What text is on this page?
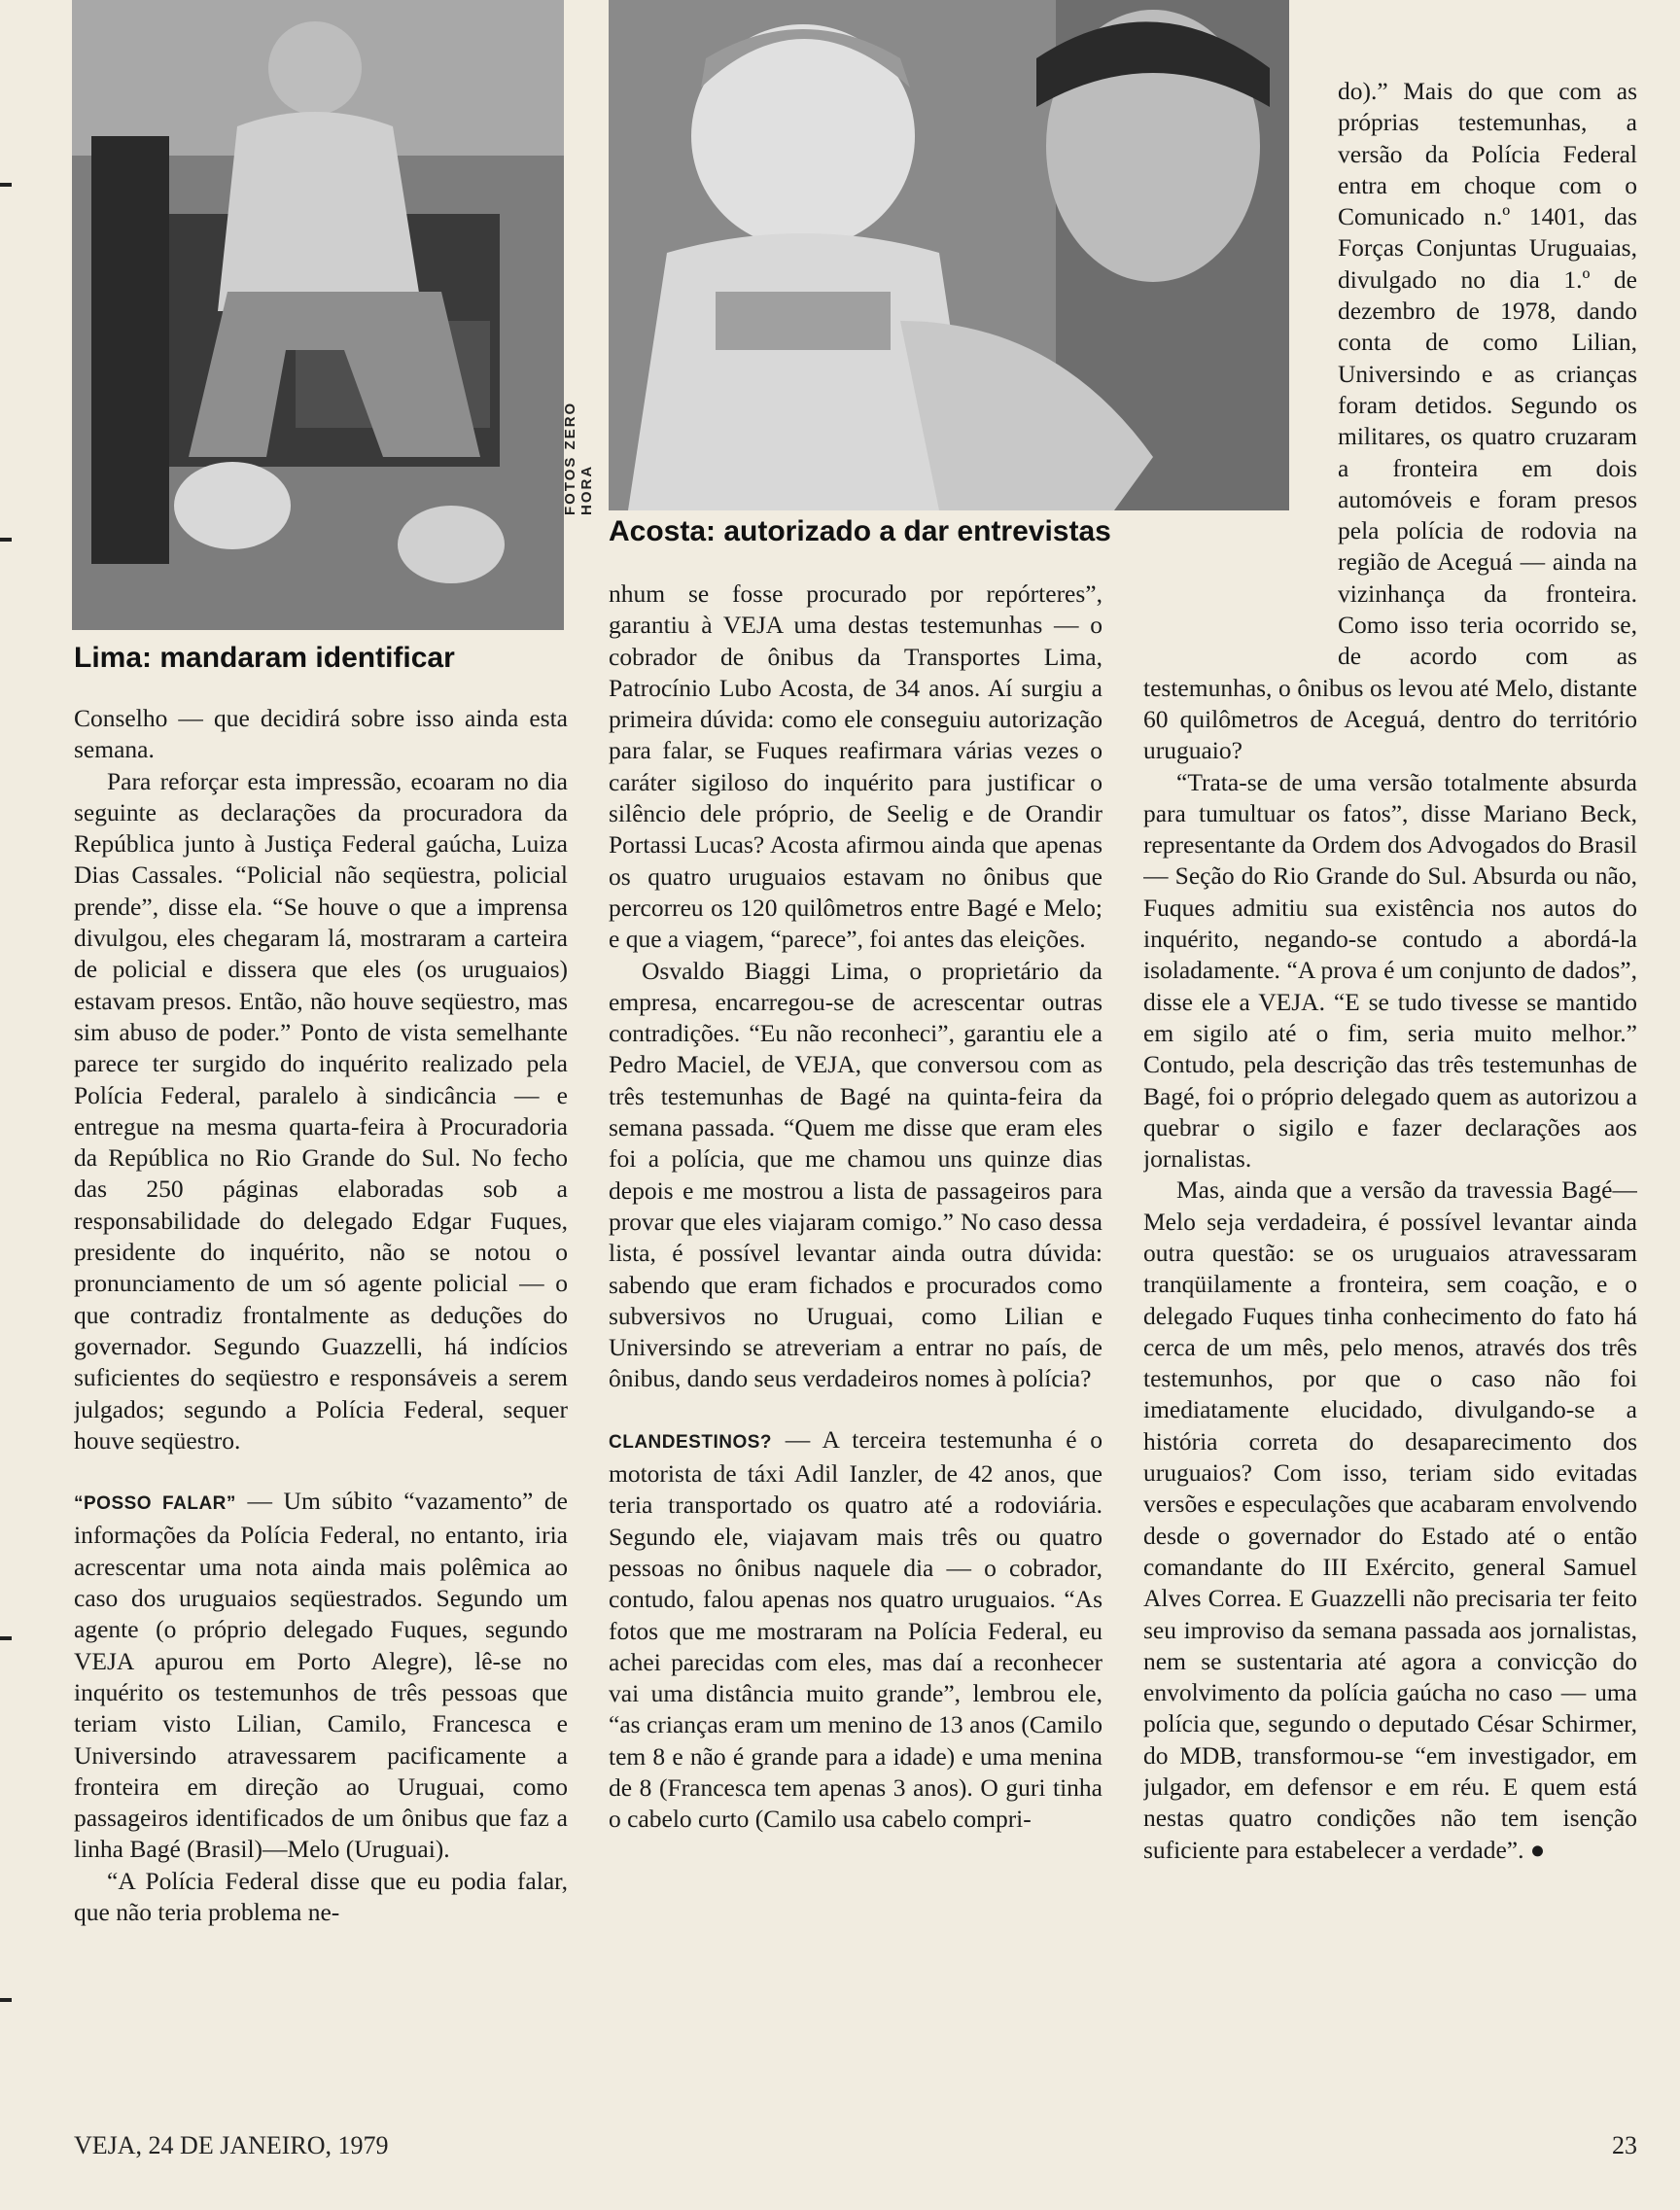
Lima: mandaram identificar

FOTOS ZERO HORA

Acosta: autorizado a dar entrevistas

Conselho — que decidirá sobre isso ainda esta semana.

Para reforçar esta impressão, ecoaram no dia seguinte as declarações da procuradora da República junto à Justiça Federal gaúcha, Luiza Dias Cassales. “Policial não seqüestra, policial prende”, disse ela. “Se houve o que a imprensa divulgou, eles chegaram lá, mostraram a carteira de policial e dissera que eles (os uruguaios) estavam presos. Então, não houve seqüestro, mas sim abuso de poder.” Ponto de vista semelhante parece ter surgido do inquérito realizado pela Polícia Federal, paralelo à sindicância — e entregue na mesma quarta-feira à Procuradoria da República no Rio Grande do Sul. No fecho das 250 páginas elaboradas sob a responsabilidade do delegado Edgar Fuques, presidente do inquérito, não se notou o pronunciamento de um só agente policial — o que contradiz frontalmente as deduções do governador. Segundo Guazzelli, há indícios suficientes do seqüestro e responsáveis a serem julgados; segundo a Polícia Federal, sequer houve seqüestro.

“POSSO FALAR” — Um súbito “vazamento” de informações da Polícia Federal, no entanto, iria acrescentar uma nota ainda mais polêmica ao caso dos uruguaios seqüestrados. Segundo um agente (o próprio delegado Fuques, segundo VEJA apurou em Porto Alegre), lê-se no inquérito os testemunhos de três pessoas que teriam visto Lilian, Camilo, Francesca e Universindo atravessarem pacificamente a fronteira em direção ao Uruguai, como passageiros identificados de um ônibus que faz a linha Bagé (Brasil)—Melo (Uruguai).

“A Polícia Federal disse que eu podia falar, que não teria problema ne-

nhum se fosse procurado por repórteres”, garantiu à VEJA uma destas testemunhas — o cobrador de ônibus da Transportes Lima, Patrocínio Lubo Acosta, de 34 anos. Aí surgiu a primeira dúvida: como ele conseguiu autorização para falar, se Fuques reafirmara várias vezes o caráter sigiloso do inquérito para justificar o silêncio dele próprio, de Seelig e de Orandir Portassi Lucas? Acosta afirmou ainda que apenas os quatro uruguaios estavam no ônibus que percorreu os 120 quilômetros entre Bagé e Melo; e que a viagem, “parece”, foi antes das eleições.

Osvaldo Biaggi Lima, o proprietário da empresa, encarregou-se de acrescentar outras contradições. “Eu não reconheci”, garantiu ele a Pedro Maciel, de VEJA, que conversou com as três testemunhas de Bagé na quinta-feira da semana passada. “Quem me disse que eram eles foi a polícia, que me chamou uns quinze dias depois e me mostrou a lista de passageiros para provar que eles viajaram comigo.” No caso dessa lista, é possível levantar ainda outra dúvida: sabendo que eram fichados e procurados como subversivos no Uruguai, como Lilian e Universindo se atreveriam a entrar no país, de ônibus, dando seus verdadeiros nomes à polícia?

CLANDESTINOS? — A terceira testemunha é o motorista de táxi Adil Ianzler, de 42 anos, que teria transportado os quatro até a rodoviária. Segundo ele, viajavam mais três ou quatro pessoas no ônibus naquele dia — o cobrador, contudo, falou apenas nos quatro uruguaios. “As fotos que me mostraram na Polícia Federal, eu achei parecidas com eles, mas daí a reconhecer vai uma distância muito grande”, lembrou ele, “as crianças eram um menino de 13 anos (Camilo tem 8 e não é grande para a idade) e uma menina de 8 (Francesca tem apenas 3 anos). O guri tinha o cabelo curto (Camilo usa cabelo compri-

do).” Mais do que com as próprias testemunhas, a versão da Polícia Federal entra em choque com o Comunicado n.º 1401, das Forças Conjuntas Uruguaias, divulgado no dia 1.º de dezembro de 1978, dando conta de como Lilian, Universindo e as crianças foram detidos. Segundo os militares, os quatro cruzaram a fronteira em dois automóveis e foram presos pela polícia de rodovia na região de Aceguá — ainda na vizinhança da fronteira. Como isso teria ocorrido se, de acordo com as testemunhas, o ônibus os levou até Melo, distante 60 quilômetros de Aceguá, dentro do território uruguaio?

“Trata-se de uma versão totalmente absurda para tumultuar os fatos”, disse Mariano Beck, representante da Ordem dos Advogados do Brasil — Seção do Rio Grande do Sul. Absurda ou não, Fuques admitiu sua existência nos autos do inquérito, negando-se contudo a abordá-la isoladamente. “A prova é um conjunto de dados”, disse ele a VEJA. “E se tudo tivesse se mantido em sigilo até o fim, seria muito melhor.” Contudo, pela descrição das três testemunhas de Bagé, foi o próprio delegado quem as autorizou a quebrar o sigilo e fazer declarações aos jornalistas.

Mas, ainda que a versão da travessia Bagé—Melo seja verdadeira, é possível levantar ainda outra questão: se os uruguaios atravessaram tranqüilamente a fronteira, sem coação, e o delegado Fuques tinha conhecimento do fato há cerca de um mês, pelo menos, através dos três testemunhos, por que o caso não foi imediatamente elucidado, divulgando-se a história correta do desaparecimento dos uruguaios? Com isso, teriam sido evitadas versões e especulações que acabaram envolvendo desde o governador do Estado até o então comandante do III Exército, general Samuel Alves Correa. E Guazzelli não precisaria ter feito seu improviso da semana passada aos jornalistas, nem se sustentaria até agora a convicção do envolvimento da polícia gaúcha no caso — uma polícia que, segundo o deputado César Schirmer, do MDB, transformou-se “em investigador, em julgador, em defensor e em réu. E quem está nestas quatro condições não tem isenção suficiente para estabelecer a verdade”. ●

VEJA, 24 DE JANEIRO, 1979	23
